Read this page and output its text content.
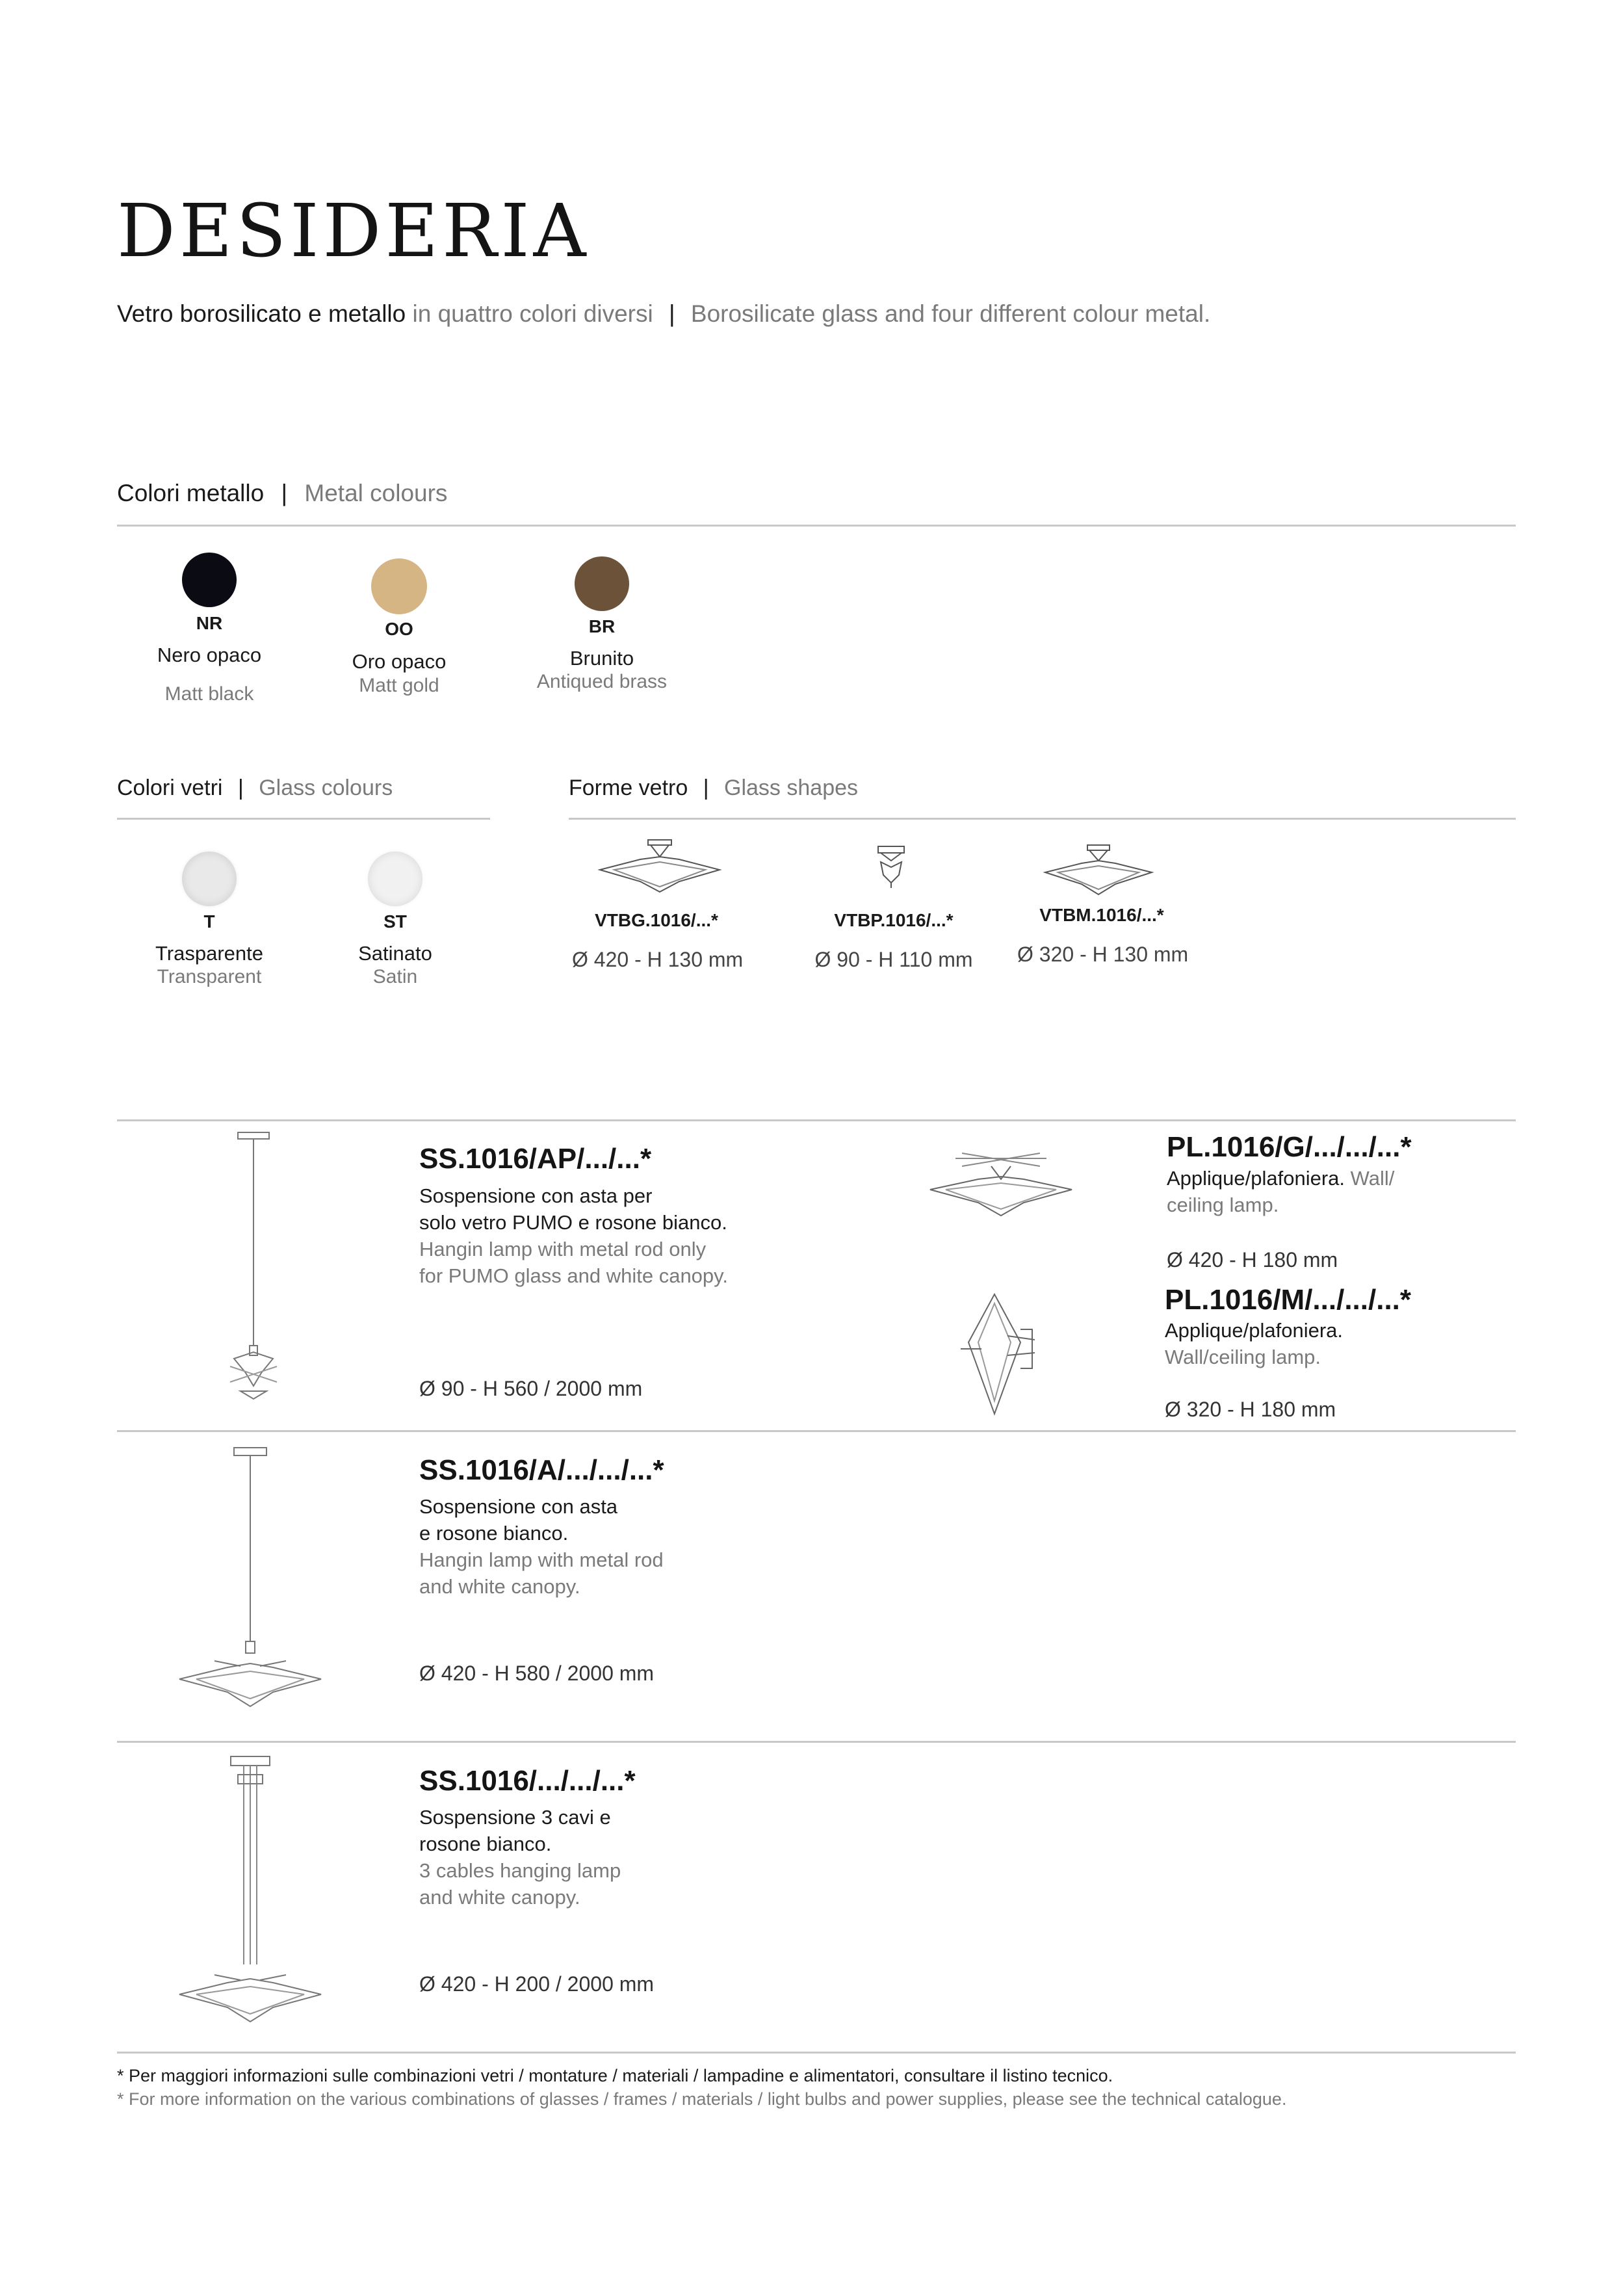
DESIDERIA
Vetro borosilicato e metallo in quattro colori diversi | Borosilicate glass and four different colour metal.
Colori metallo | Metal colours
NR
Nero opaco
Matt black
OO
Oro opaco
Matt gold
BR
Brunito
Antiqued brass
Colori vetri | Glass colours
T
Trasparente
Transparent
ST
Satinato
Satin
Forme vetro | Glass shapes
VTBG.1016/...*
Ø 420 - H 130 mm
VTBP.1016/...*
Ø 90 - H 110 mm
VTBM.1016/...*
Ø 320 - H 130 mm
SS.1016/AP/.../...*
Sospensione con asta per
solo vetro PUMO e rosone bianco.
Hangin lamp with metal rod only
for PUMO glass and white canopy.
Ø 90 - H 560 / 2000 mm
PL.1016/G/.../.../...*
Applique/plafoniera. Wall/
ceiling lamp.
Ø 420 - H 180 mm
PL.1016/M/.../.../...*
Applique/plafoniera.
Wall/ceiling lamp.
Ø 320 - H 180 mm
SS.1016/A/.../.../...*
Sospensione con asta
e rosone bianco.
Hangin lamp with metal rod
and white canopy.
Ø 420 - H 580 / 2000 mm
SS.1016/.../.../...*
Sospensione 3 cavi e
rosone bianco.
3 cables hanging lamp
and white canopy.
Ø 420 - H 200 / 2000 mm
* Per maggiori informazioni sulle combinazioni vetri / montature / materiali / lampadine e alimentatori, consultare il listino tecnico.
* For more information on the various combinations of glasses / frames / materials / light bulbs and power supplies, please see the technical catalogue.
